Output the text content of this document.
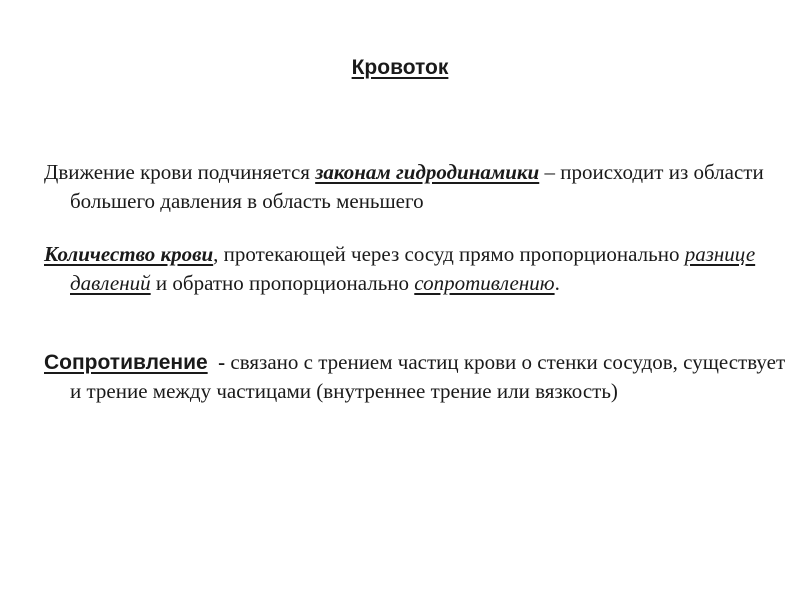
Кровоток
Движение крови подчиняется законам гидродинамики – происходит из области большего давления в область меньшего
Количество крови, протекающей через сосуд прямо пропорционально разнице давлений и обратно пропорционально сопротивлению.
Сопротивление  - связано с трением частиц крови о стенки сосудов, существует и трение между частицами (внутреннее трение или вязкость)
